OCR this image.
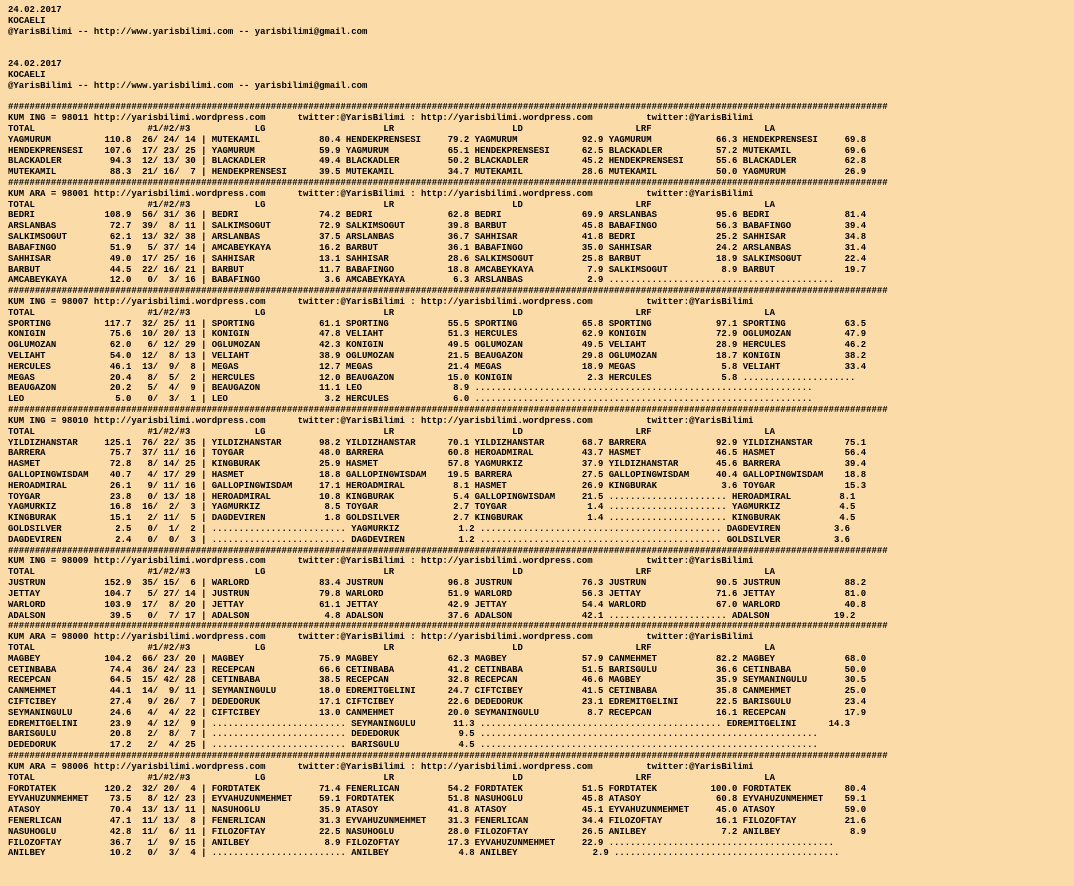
24.02.2017
KOCAELI
@YarisBilimi -- http://www.yarisbilimi.com -- yarisbilimi@gmail.com
24.02.2017
KOCAELI
@YarisBilimi -- http://www.yarisbilimi.com -- yarisbilimi@gmail.com
####################################################################################################################################################################
KUM ING = 98011 http://yarisbilimi.wordpress.com      twitter:@YarisBilimi : http://yarisbilimi.wordpress.com          twitter:@YarisBilimi
TOTAL                     #1/#2/#3            LG                      LR                      LD                     LRF                     LA
YAGMURUM          110.8  26/ 24/ 14 | MUTEKAMIL           80.4 HENDEKPRENSESI     79.2 YAGMURUM            92.9 YAGMURUM            66.3 HENDEKPRENSESI     69.8
HENDEKPRENSESI    107.6  17/ 23/ 25 | YAGMURUM            59.9 YAGMURUM           65.1 HENDEKPRENSESI      62.5 BLACKADLER          57.2 MUTEKAMIL          69.6
BLACKADLER         94.3  12/ 13/ 30 | BLACKADLER          49.4 BLACKADLER         50.2 BLACKADLER          45.2 HENDEKPRENSESI      55.6 BLACKADLER         62.8
MUTEKAMIL          88.3  21/ 16/  7 | HENDEKPRENSESI      39.5 MUTEKAMIL          34.7 MUTEKAMIL           28.6 MUTEKAMIL           50.0 YAGMURUM           26.9
####################################################################################################################################################################
KUM ARA = 98001 http://yarisbilimi.wordpress.com      twitter:@YarisBilimi : http://yarisbilimi.wordpress.com          twitter:@YarisBilimi
TOTAL                     #1/#2/#3            LG                      LR                      LD                     LRF                     LA
BEDRI             108.9  56/ 31/ 36 | BEDRI               74.2 BEDRI              62.8 BEDRI               69.9 ARSLANBAS           95.6 BEDRI              81.4
ARSLANBAS          72.7  39/  8/ 11 | SALKIMSOGUT         72.9 SALKIMSOGUT        39.8 BARBUT              45.8 BABAFINGO           56.3 BABAFINGO          39.4
SALKIMSOGUT        62.1  13/ 32/ 38 | ARSLANBAS           37.5 ARSLANBAS          36.7 SAHHISAR            41.8 BEDRI               25.2 SAHHISAR           34.8
BABAFINGO          51.9   5/ 37/ 14 | AMCABEYKAYA         16.2 BARBUT             36.1 BABAFINGO           35.0 SAHHISAR            24.2 ARSLANBAS          31.4
SAHHISAR           49.0  17/ 25/ 16 | SAHHISAR            13.1 SAHHISAR           28.6 SALKIMSOGUT         25.8 BARBUT              18.9 SALKIMSOGUT        22.4
BARBUT             44.5  22/ 16/ 21 | BARBUT              11.7 BABAFINGO          18.8 AMCABEYKAYA          7.9 SALKIMSOGUT          8.9 BARBUT             19.7
AMCABEYKAYA        12.0   0/  3/ 16 | BABAFINGO            3.6 AMCABEYKAYA         6.3 ARSLANBAS            2.9 ..........................................
####################################################################################################################################################################
KUM ING = 98007 http://yarisbilimi.wordpress.com      twitter:@YarisBilimi : http://yarisbilimi.wordpress.com          twitter:@YarisBilimi
TOTAL                     #1/#2/#3            LG                      LR                      LD                     LRF                     LA
SPORTING          117.7  32/ 25/ 11 | SPORTING            61.1 SPORTING           55.5 SPORTING            65.8 SPORTING            97.1 SPORTING           63.5
KONIGIN            75.6  10/ 20/ 13 | KONIGIN             47.8 VELIAHT            51.3 HERCULES            62.9 KONIGIN             72.9 OGLUMOZAN          47.9
OGLUMOZAN          62.0   6/ 12/ 29 | OGLUMOZAN           42.3 KONIGIN            49.5 OGLUMOZAN           49.5 VELIAHT             28.9 HERCULES           46.2
VELIAHT            54.0  12/  8/ 13 | VELIAHT             38.9 OGLUMOZAN          21.5 BEAUGAZON           29.8 OGLUMOZAN           18.7 KONIGIN            38.2
HERCULES           46.1  13/  9/  8 | MEGAS               12.7 MEGAS              21.4 MEGAS               18.9 MEGAS                5.8 VELIAHT            33.4
MEGAS              20.4   8/  5/  2 | HERCULES            12.0 BEAUGAZON          15.0 KONIGIN              2.3 HERCULES             5.8 .....................
BEAUGAZON          20.2   5/  4/  9 | BEAUGAZON           11.1 LEO                 8.9 ...............................................................
LEO                 5.0   0/  3/  1 | LEO                  3.2 HERCULES            6.0 ...............................................................
####################################################################################################################################################################
KUM ING = 98010 http://yarisbilimi.wordpress.com      twitter:@YarisBilimi : http://yarisbilimi.wordpress.com          twitter:@YarisBilimi
TOTAL                     #1/#2/#3            LG                      LR                      LD                     LRF                     LA
YILDIZHANSTAR     125.1  76/ 22/ 35 | YILDIZHANSTAR       98.2 YILDIZHANSTAR      70.1 YILDIZHANSTAR       68.7 BARRERA             92.9 YILDIZHANSTAR      75.1
BARRERA            75.7  37/ 11/ 16 | TOYGAR              48.0 BARRERA            60.8 HEROADMIRAL         43.7 HASMET              46.5 HASMET             56.4
HASMET             72.8   8/ 14/ 25 | KINGBURAK           25.9 HASMET             57.8 YAGMURKIZ           37.9 YILDIZHANSTAR       45.6 BARRERA            39.4
GALLOPINGWISDAM    40.7   4/ 17/ 29 | HASMET              18.8 GALLOPINGWISDAM    19.5 BARRERA             27.5 GALLOPINGWISDAM     40.4 GALLOPINGWISDAM    18.8
HEROADMIRAL        26.1   9/ 11/ 16 | GALLOPINGWISDAM     17.1 HEROADMIRAL         8.1 HASMET              26.9 KINGBURAK            3.6 TOYGAR             15.3
TOYGAR             23.8   0/ 13/ 18 | HEROADMIRAL         10.8 KINGBURAK           5.4 GALLOPINGWISDAM     21.5 ...................... HEROADMIRAL         8.1
YAGMURKIZ          16.8  16/  2/  3 | YAGMURKIZ            8.5 TOYGAR              2.7 TOYGAR               1.4 ...................... YAGMURKIZ           4.5
KINGBURAK          15.1   2/ 11/  5 | DAGDEVIREN           1.8 GOLDSILVER          2.7 KINGBURAK            1.4 ...................... KINGBURAK           4.5
GOLDSILVER          2.5   0/  1/  2 | ......................... YAGMURKIZ           1.2 ............................................. DAGDEVIREN          3.6
DAGDEVIREN          2.4   0/  0/  3 | ......................... DAGDEVIREN          1.2 ............................................. GOLDSILVER          3.6
####################################################################################################################################################################
KUM ING = 98009 http://yarisbilimi.wordpress.com      twitter:@YarisBilimi : http://yarisbilimi.wordpress.com          twitter:@YarisBilimi
TOTAL                     #1/#2/#3            LG                      LR                      LD                     LRF                     LA
JUSTRUN           152.9  35/ 15/  6 | WARLORD             83.4 JUSTRUN            96.8 JUSTRUN             76.3 JUSTRUN             90.5 JUSTRUN            88.2
JETTAY            104.7   5/ 27/ 14 | JUSTRUN             79.8 WARLORD            51.9 WARLORD             56.3 JETTAY              71.6 JETTAY             81.0
WARLORD           103.9  17/  8/ 20 | JETTAY              61.1 JETTAY             42.9 JETTAY              54.4 WARLORD             67.0 WARLORD            40.8
ADALSON            39.5   0/  7/ 17 | ADALSON              4.8 ADALSON            37.6 ADALSON             42.1 ...................... ADALSON            19.2
####################################################################################################################################################################
KUM ARA = 98000 http://yarisbilimi.wordpress.com      twitter:@YarisBilimi : http://yarisbilimi.wordpress.com          twitter:@YarisBilimi
TOTAL                     #1/#2/#3            LG                      LR                      LD                     LRF                     LA
MAGBEY            104.2  66/ 23/ 20 | MAGBEY              75.9 MAGBEY             62.3 MAGBEY              57.9 CANMEHMET           82.2 MAGBEY             68.0
CETINBABA          74.4  36/ 24/ 23 | RECEPCAN            66.6 CETINBABA          41.2 CETINBABA           51.5 BARISGULU           36.6 CETINBABA          50.0
RECEPCAN           64.5  15/ 42/ 28 | CETINBABA           38.5 RECEPCAN           32.8 RECEPCAN            46.6 MAGBEY              35.9 SEYMANINGULU       30.5
CANMEHMET          44.1  14/  9/ 11 | SEYMANINGULU        18.0 EDREMITGELINI      24.7 CIFTCIBEY           41.5 CETINBABA           35.8 CANMEHMET          25.0
CIFTCIBEY          27.4   9/ 26/  7 | DEDEDORUK           17.1 CIFTCIBEY          22.6 DEDEDORUK           23.1 EDREMITGELINI       22.5 BARISGULU          23.4
SEYMANINGULU       24.6   4/  4/ 22 | CIFTCIBEY           13.0 CANMEHMET          20.0 SEYMANINGULU         8.7 RECEPCAN            16.1 RECEPCAN           17.9
EDREMITGELINI      23.9   4/ 12/  9 | ......................... SEYMANINGULU       11.3 ............................................. EDREMITGELINI      14.3
BARISGULU          20.8   2/  8/  7 | ......................... DEDEDORUK           9.5 ...............................................................
DEDEDORUK          17.2   2/  4/ 25 | ......................... BARISGULU           4.5 ...............................................................
####################################################################################################################################################################
KUM ARA = 98006 http://yarisbilimi.wordpress.com      twitter:@YarisBilimi : http://yarisbilimi.wordpress.com          twitter:@YarisBilimi
TOTAL                     #1/#2/#3            LG                      LR                      LD                     LRF                     LA
FORDTATEK         120.2  32/ 20/  4 | FORDTATEK           71.4 FENERLICAN         54.2 FORDTATEK           51.5 FORDTATEK          100.0 FORDTATEK          80.4
EYVAHUZUNMEHMET    73.5   8/ 12/ 23 | EYVAHUZUNMEHMET     59.1 FORDTATEK          51.8 NASUHOGLU           45.8 ATASOY              60.8 EYVAHUZUNMEHMET    59.1
ATASOY             70.4  13/ 13/ 11 | NASUHOGLU           35.9 ATASOY             41.8 ATASOY              45.1 EYVAHUZUNMEHMET     45.0 ATASOY             59.0
FENERLICAN         47.1  11/ 13/  8 | FENERLICAN          31.3 EYVAHUZUNMEHMET    31.3 FENERLICAN          34.4 FILOZOFTAY          16.1 FILOZOFTAY         21.6
NASUHOGLU          42.8  11/  6/ 11 | FILOZOFTAY          22.5 NASUHOGLU          28.0 FILOZOFTAY          26.5 ANILBEY              7.2 ANILBEY             8.9
FILOZOFTAY         36.7   1/  9/ 15 | ANILBEY              8.9 FILOZOFTAY         17.3 EYVAHUZUNMEHMET     22.9 ..........................................
ANILBEY            10.2   0/  3/  4 | ......................... ANILBEY             4.8 ANILBEY              2.9 ..........................................
